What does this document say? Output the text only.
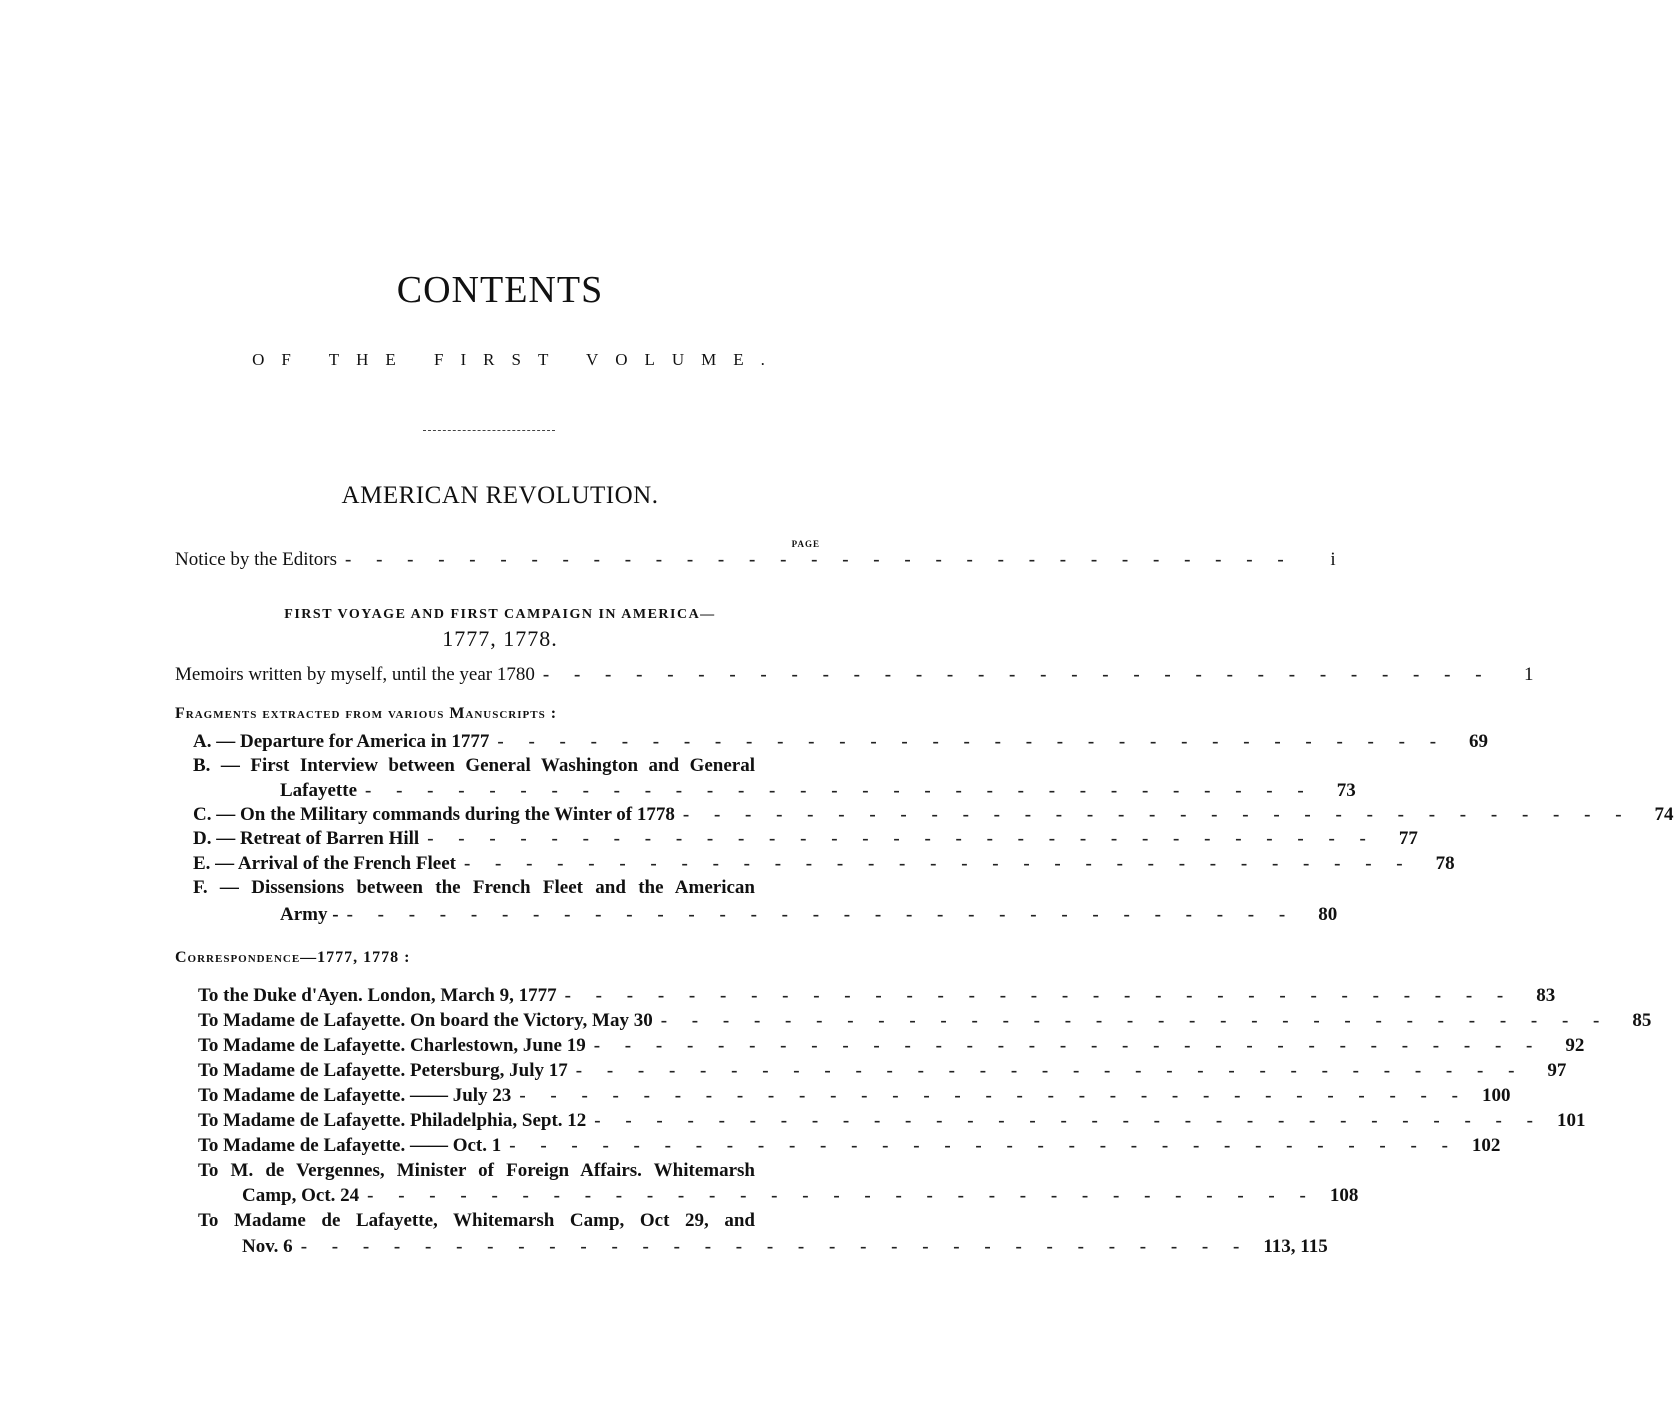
CONTENTS
OF THE FIRST VOLUME.
AMERICAN REVOLUTION.
PAGE
Notice by the Editors - - - - - - - - - - - - - - - - - - - - - - - - - - - - - - -	i
FIRST VOYAGE AND FIRST CAMPAIGN IN AMERICA—
1777, 1778.
Memoirs written by myself, until the year 1780 - - - - - - - - - - - - - - - - - - - - - - - - - - - - - - -	1
Fragments extracted from various Manuscripts :
A. — Departure for America in 1777 - - - - - - - - - - - - - - - - - - - - - - - - - - - - - - -	69
B. — First Interview between General Washington and General
Lafayette - - - - - - - - - - - - - - - - - - - - - - - - - - - - - - -	73
C. — On the Military commands during the Winter of 1778 - - - - - - - - - - - - - - - - - - - - - - - - - - - - - - -	74
D. — Retreat of Barren Hill - - - - - - - - - - - - - - - - - - - - - - - - - - - - - - -	77
E. — Arrival of the French Fleet - - - - - - - - - - - - - - - - - - - - - - - - - - - - - - -	78
F. — Dissensions between the French Fleet and the American
Army - - - - - - - - - - - - - - - - - - - - - - - - - - - - - - - -	80
Correspondence—1777, 1778 :
To the Duke d'Ayen. London, March 9, 1777 - - - - - - - - - - - - - - - - - - - - - - - - - - - - - - -	83
To Madame de Lafayette. On board the Victory, May 30 - - - - - - - - - - - - - - - - - - - - - - - - - - - - - - -	85
To Madame de Lafayette. Charlestown, June 19 - - - - - - - - - - - - - - - - - - - - - - - - - - - - - - -	92
To Madame de Lafayette. Petersburg, July 17 - - - - - - - - - - - - - - - - - - - - - - - - - - - - - - -	97
To Madame de Lafayette. —— July 23 - - - - - - - - - - - - - - - - - - - - - - - - - - - - - - - 100
To Madame de Lafayette. Philadelphia, Sept. 12 - - - - - - - - - - - - - - - - - - - - - - - - - - - - - - - 101
To Madame de Lafayette. —— Oct. 1 - - - - - - - - - - - - - - - - - - - - - - - - - - - - - - - 102
To M. de Vergennes, Minister of Foreign Affairs. Whitemarsh
Camp, Oct. 24 - - - - - - - - - - - - - - - - - - - - - - - - - - - - - - - 108
To Madame de Lafayette, Whitemarsh Camp, Oct 29, and
Nov. 6 - - - - - - - - - - - - - - - - - - - - - - - - - - - - - - - 113, 115
